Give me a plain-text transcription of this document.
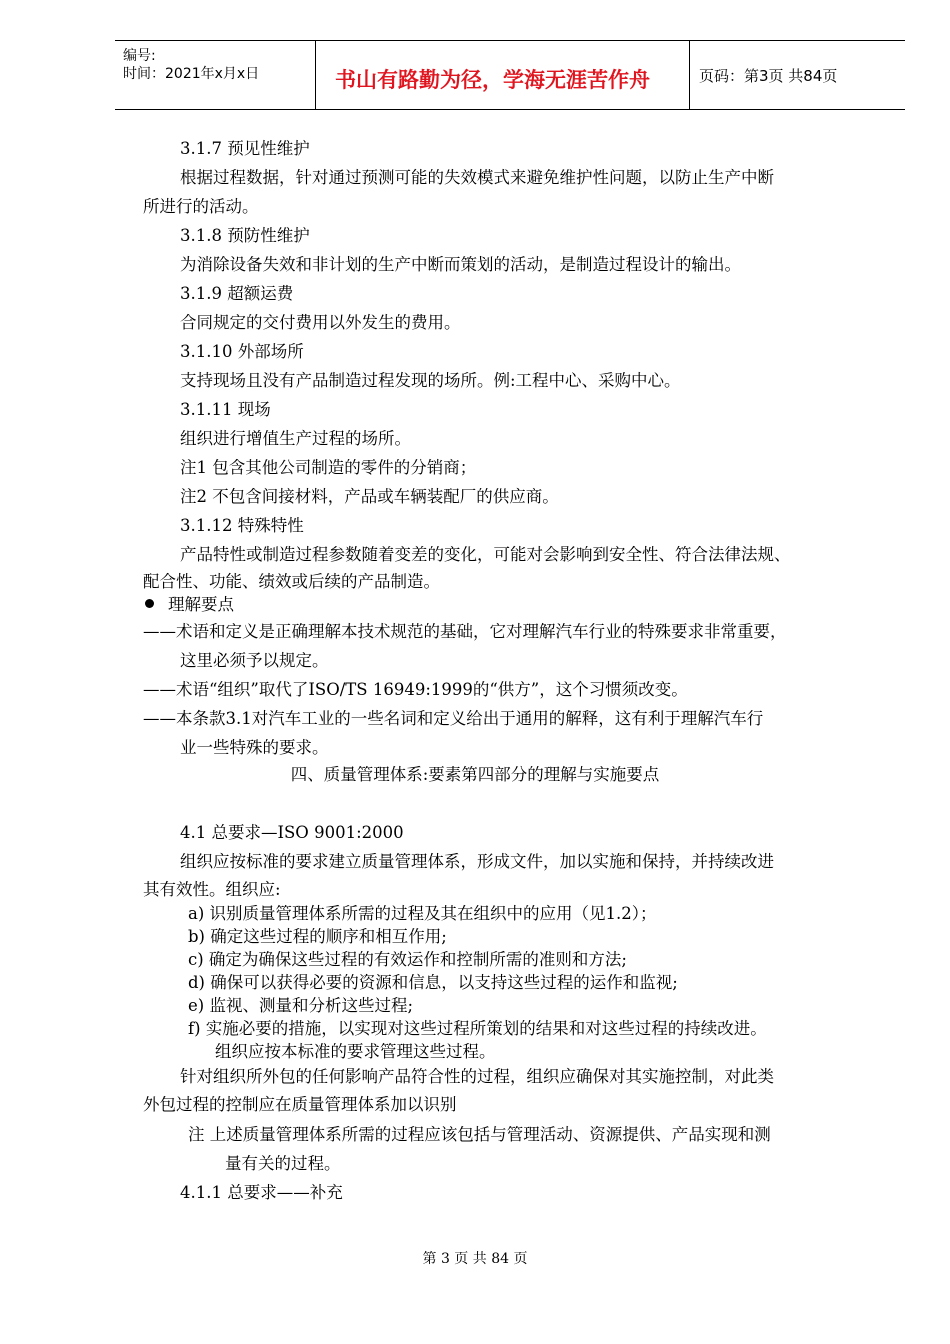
编号:
时间：2021年x月x日	书山有路勤为径，学海无涯苦作舟	页码：第3页 共84页
3.1.7 预见性维护
根据过程数据，针对通过预测可能的失效模式来避免维护性问题，以防止生产中断
所进行的活动。
3.1.8 预防性维护
为消除设备失效和非计划的生产中断而策划的活动，是制造过程设计的输出。
3.1.9 超额运费
合同规定的交付费用以外发生的费用。
3.1.10 外部场所
支持现场且没有产品制造过程发现的场所。例:工程中心、采购中心。
3.1.11 现场
组织进行增值生产过程的场所。
注1 包含其他公司制造的零件的分销商；
注2 不包含间接材料，产品或车辆装配厂的供应商。
3.1.12 特殊特性
产品特性或制造过程参数随着变差的变化，可能对会影响到安全性、符合法律法规、
配合性、功能、绩效或后续的产品制造。
——术语和定义是正确理解本技术规范的基础，它对理解汽车行业的特殊要求非常重要，
这里必须予以规定。
——术语“组织”取代了ISO/TS 16949:1999的“供方”，这个习惯须改变。
——本条款3.1对汽车工业的一些名词和定义给出于通用的解释，这有利于理解汽车行
业一些特殊的要求。
4.1 总要求—ISO 9001:2000
组织应按标准的要求建立质量管理体系，形成文件，加以实施和保持，并持续改进
其有效性。组织应:
a) 识别质量管理体系所需的过程及其在组织中的应用（见1.2）；
b) 确定这些过程的顺序和相互作用;
c) 确定为确保这些过程的有效运作和控制所需的准则和方法;
d) 确保可以获得必要的资源和信息，以支持这些过程的运作和监视;
e) 监视、测量和分析这些过程;
f) 实施必要的措施，以实现对这些过程所策划的结果和对这些过程的持续改进。
组织应按本标准的要求管理这些过程。
针对组织所外包的任何影响产品符合性的过程，组织应确保对其实施控制，对此类
外包过程的控制应在质量管理体系加以识别
注 上述质量管理体系所需的过程应该包括与管理活动、资源提供、产品实现和测
量有关的过程。
4.1.1 总要求——补充
理解要点
四、质量管理体系:要素第四部分的理解与实施要点
第 3 页 共 84 页
